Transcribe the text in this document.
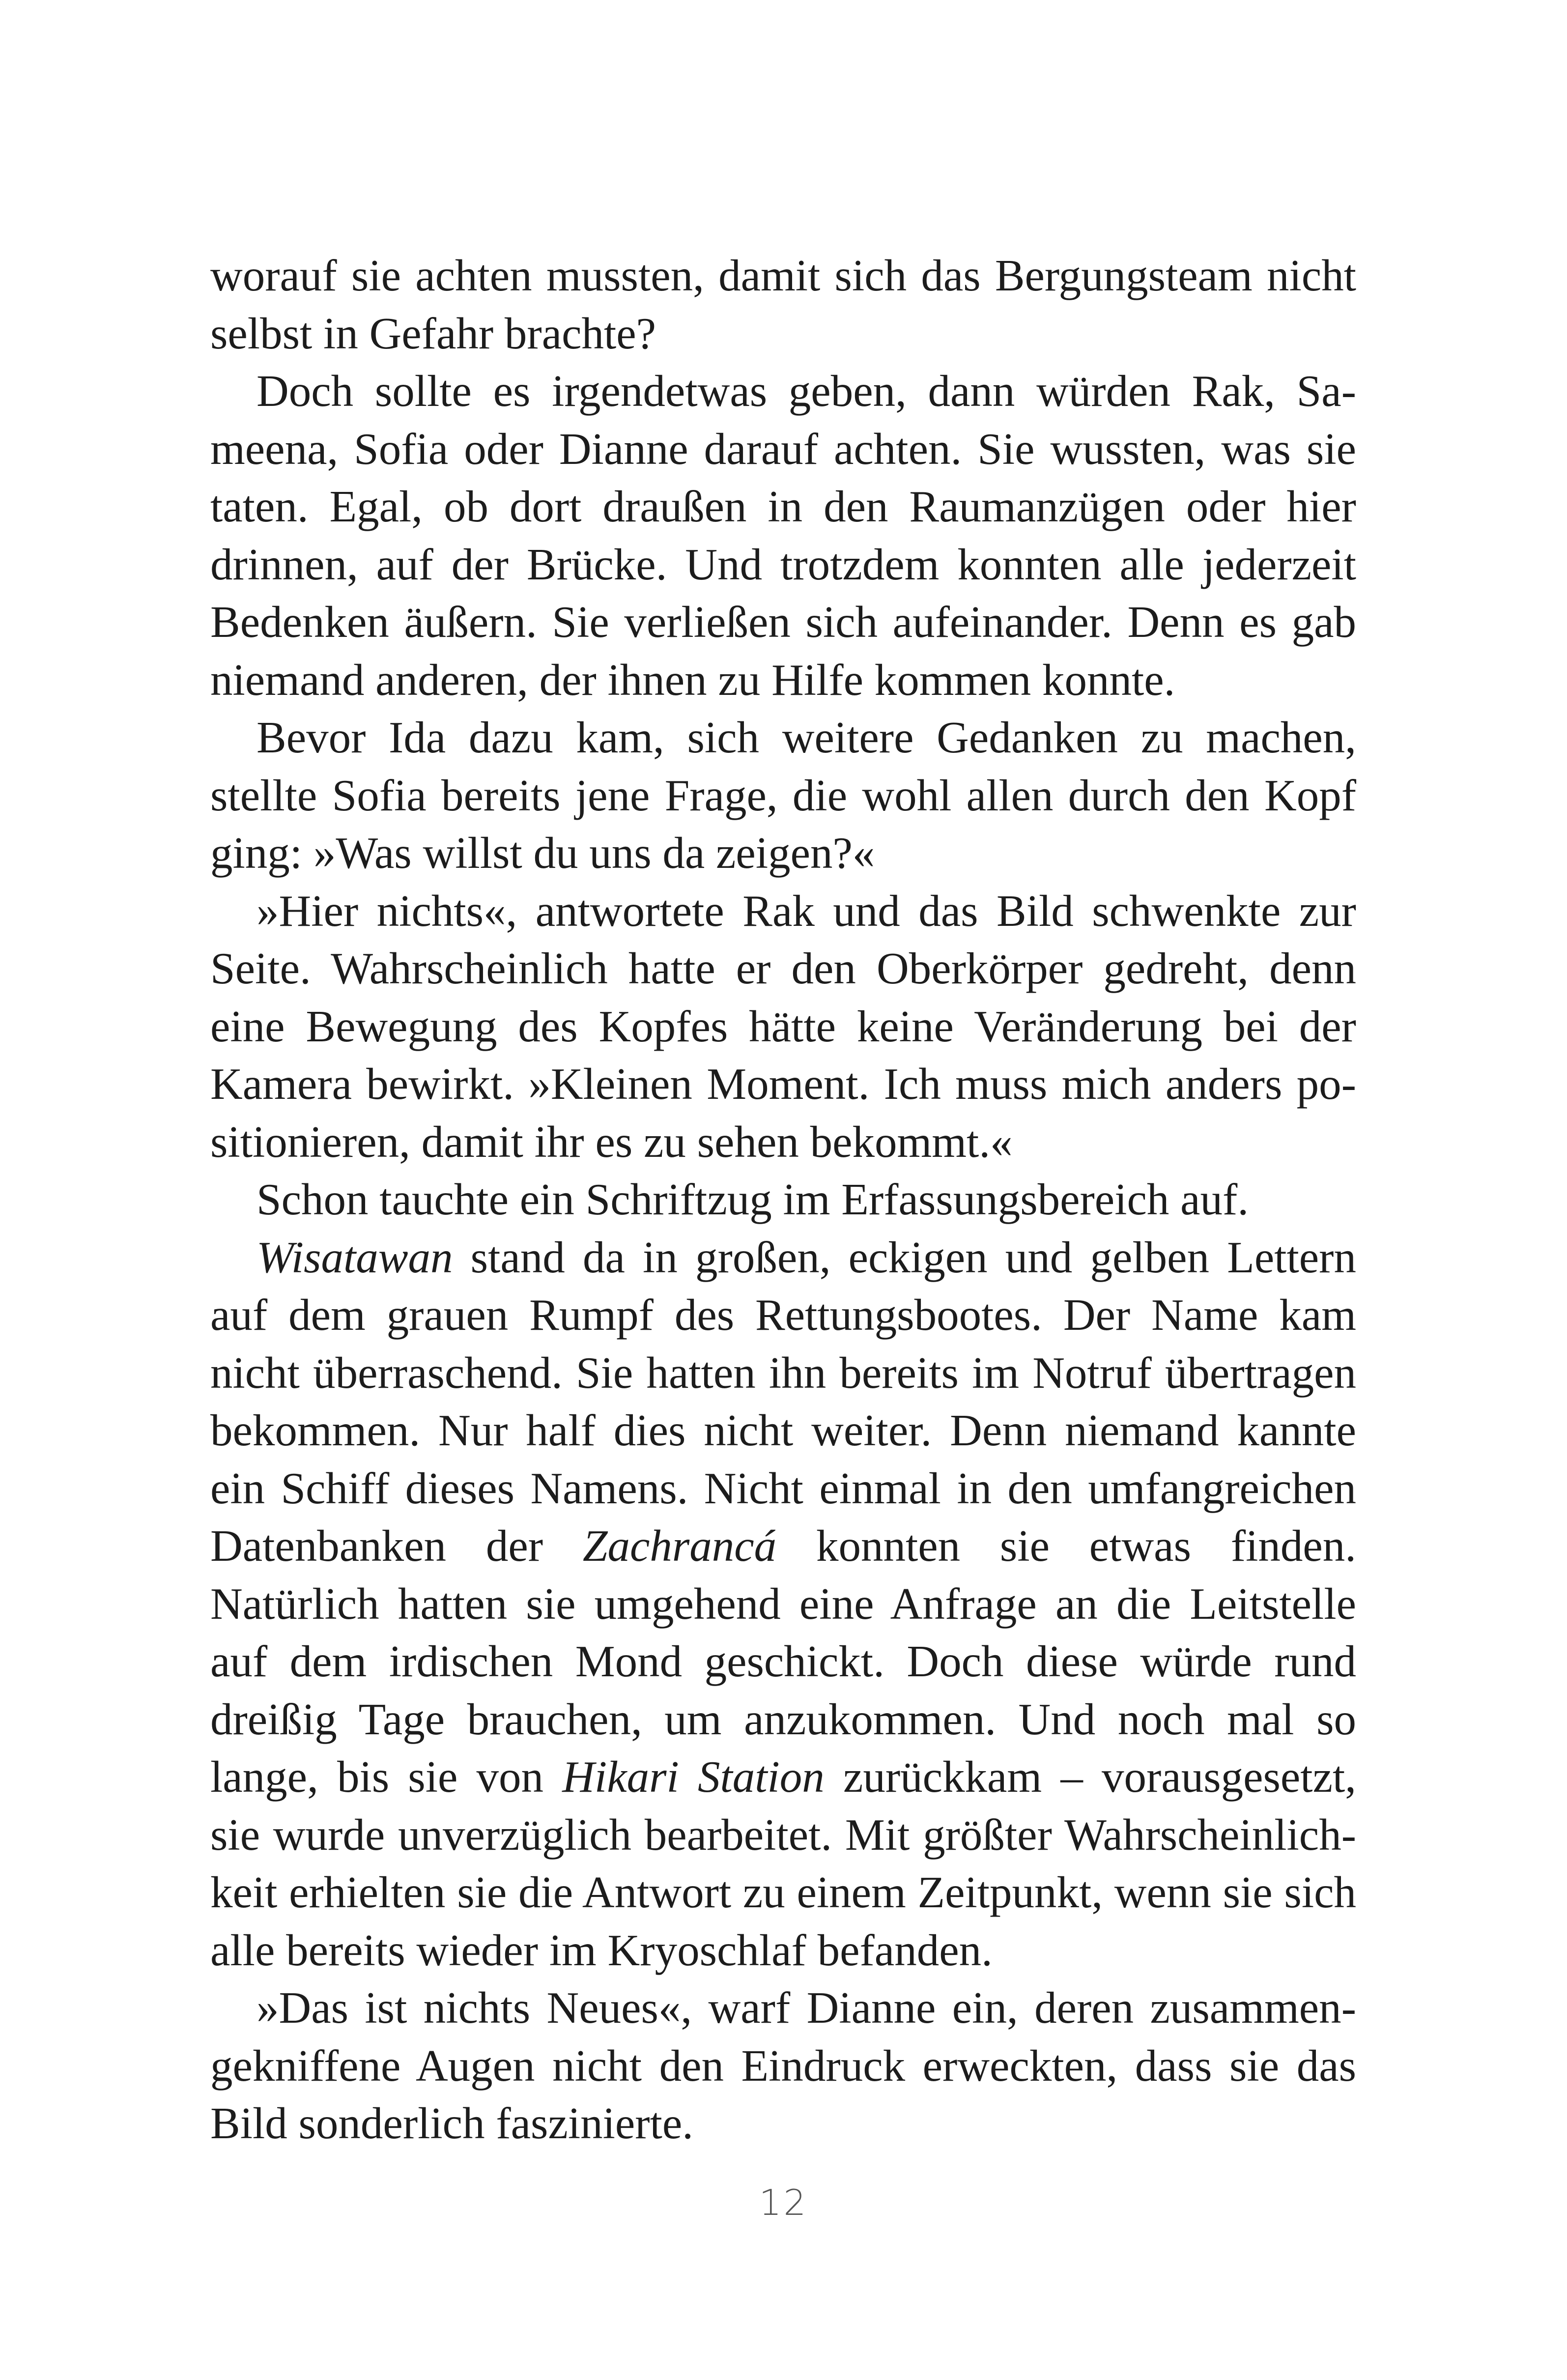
worauf sie achten mussten, damit sich das Bergungsteam nicht selbst in Gefahr brachte?

Doch sollte es irgendetwas geben, dann würden Rak, Sameena, Sofia oder Dianne darauf achten. Sie wussten, was sie taten. Egal, ob dort draußen in den Raumanzügen oder hier drinnen, auf der Brücke. Und trotzdem konnten alle jederzeit Bedenken äußern. Sie verließen sich aufeinander. Denn es gab niemand anderen, der ihnen zu Hilfe kommen konnte.

Bevor Ida dazu kam, sich weitere Gedanken zu machen, stellte Sofia bereits jene Frage, die wohl allen durch den Kopf ging: »Was willst du uns da zeigen?«

»Hier nichts«, antwortete Rak und das Bild schwenkte zur Seite. Wahrscheinlich hatte er den Oberkörper gedreht, denn eine Bewegung des Kopfes hätte keine Veränderung bei der Kamera bewirkt. »Kleinen Moment. Ich muss mich anders positionieren, damit ihr es zu sehen bekommt.«

Schon tauchte ein Schriftzug im Erfassungsbereich auf.

Wisatawan stand da in großen, eckigen und gelben Lettern auf dem grauen Rumpf des Rettungsbootes. Der Name kam nicht überraschend. Sie hatten ihn bereits im Notruf übertragen bekommen. Nur half dies nicht weiter. Denn niemand kannte ein Schiff dieses Namens. Nicht einmal in den umfangreichen Datenbanken der Zachrancá konnten sie etwas finden. Natürlich hatten sie umgehend eine Anfrage an die Leitstelle auf dem irdischen Mond geschickt. Doch diese würde rund dreißig Tage brauchen, um anzukommen. Und noch mal so lange, bis sie von Hikari Station zurückkam – vorausgesetzt, sie wurde unverzüglich bearbeitet. Mit größter Wahrscheinlichkeit erhielten sie die Antwort zu einem Zeitpunkt, wenn sie sich alle bereits wieder im Kryoschlaf befanden.

»Das ist nichts Neues«, warf Dianne ein, deren zusammengekniffene Augen nicht den Eindruck erweckten, dass sie das Bild sonderlich faszinierte.

12
